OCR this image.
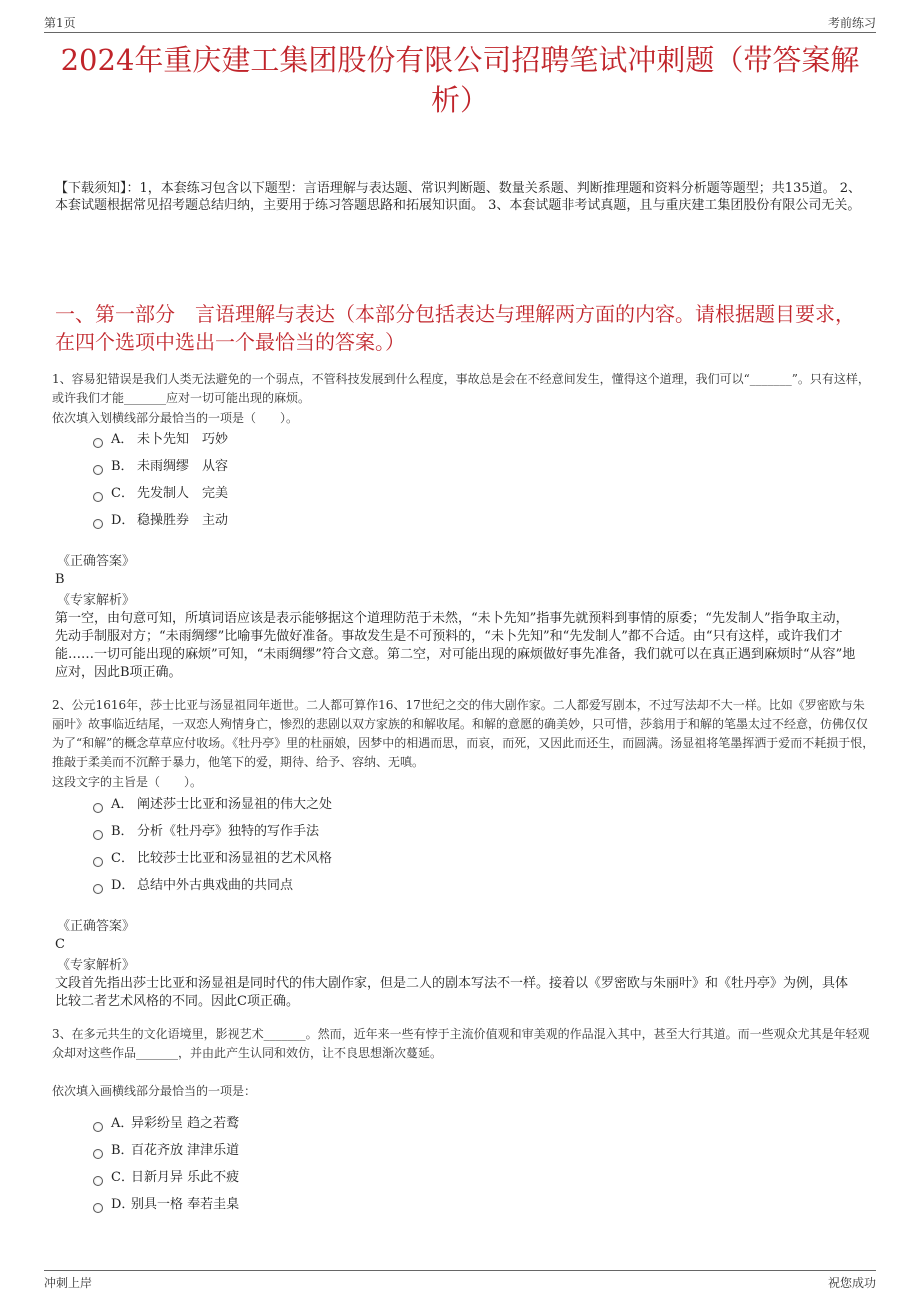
第1页	考前练习
2024年重庆建工集团股份有限公司招聘笔试冲刺题（带答案解析）
【下载须知】：1，本套练习包含以下题型：言语理解与表达题、常识判断题、数量关系题、判断推理题和资料分析题等题型；共135道。 2、本套试题根据常见招考题总结归纳，主要用于练习答题思路和拓展知识面。 3、本套试题非考试真题，且与重庆建工集团股份有限公司无关。
一、第一部分　言语理解与表达（本部分包括表达与理解两方面的内容。请根据题目要求，在四个选项中选出一个最恰当的答案。）
1、容易犯错误是我们人类无法避免的一个弱点，不管科技发展到什么程度，事故总是会在不经意间发生，懂得这个道理，我们可以“_______”。只有这样，或许我们才能_______应对一切可能出现的麻烦。
依次填入划横线部分最恰当的一项是（　　）。
A． 未卜先知　巧妙
B． 未雨绸缪　从容
C． 先发制人　完美
D． 稳操胜券　主动
《正确答案》
B
《专家解析》
第一空，由句意可知，所填词语应该是表示能够据这个道理防范于未然，“未卜先知”指事先就预料到事情的原委；“先发制人”指争取主动，先动手制服对方；“未雨绸缪”比喻事先做好准备。事故发生是不可预料的，“未卜先知”和“先发制人”都不合适。由“只有这样，或许我们才能……一切可能出现的麻烦”可知，“未雨绸缪”符合文意。第二空，对可能出现的麻烦做好事先准备，我们就可以在真正遇到麻烦时“从容”地应对，因此B项正确。
2、公元1616年，莎士比亚与汤显祖同年逝世。二人都可算作16、17世纪之交的伟大剧作家。二人都爱写剧本，不过写法却不大一样。比如《罗密欧与朱丽叶》故事临近结尾，一双恋人殉情身亡，惨烈的悲剧以双方家族的和解收尾。和解的意愿的确美妙，只可惜，莎翁用于和解的笔墨太过不经意，仿佛仅仅为了“和解”的概念草草应付收场。《牡丹亭》里的杜丽娘，因梦中的相遇而思，而哀，而死，又因此而还生，而圆满。汤显祖将笔墨挥洒于爱而不耗损于恨，推敲于柔美而不沉醉于暴力，他笔下的爱，期待、给予、容纳、无嗔。
这段文字的主旨是（　　）。
A． 阐述莎士比亚和汤显祖的伟大之处
B． 分析《牡丹亭》独特的写作手法
C． 比较莎士比亚和汤显祖的艺术风格
D． 总结中外古典戏曲的共同点
《正确答案》
C
《专家解析》
文段首先指出莎士比亚和汤显祖是同时代的伟大剧作家，但是二人的剧本写法不一样。接着以《罗密欧与朱丽叶》和《牡丹亭》为例，具体比较二者艺术风格的不同。因此C项正确。
3、在多元共生的文化语境里，影视艺术_______。然而，近年来一些有悖于主流价值观和审美观的作品混入其中，甚至大行其道。而一些观众尤其是年轻观众却对这些作品_______，并由此产生认同和效仿，让不良思想渐次蔓延。
依次填入画横线部分最恰当的一项是：
A．
异彩纷呈 趋之若鹜
B．
百花齐放 津津乐道
C．
日新月异 乐此不疲
D．
别具一格 奉若圭臬
冲刺上岸	祝您成功
